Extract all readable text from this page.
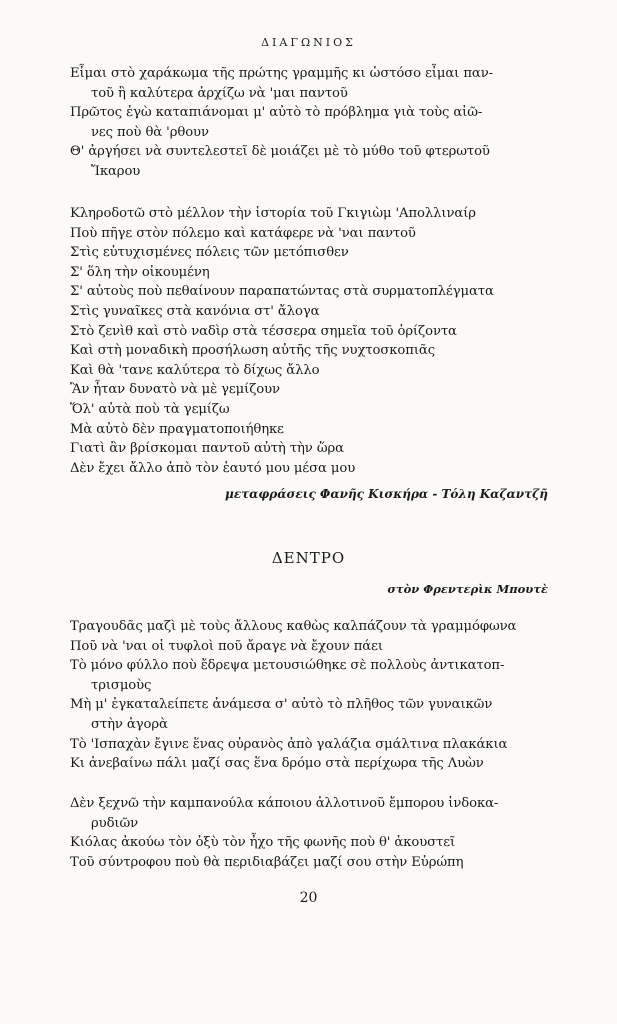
ΔΙΑΓΩΝΙΟΣ
Εἶμαι στὸ χαράκωμα τῆς πρώτης γραμμῆς κι ὡστόσο εἶμαι παν-
τοῦ ἢ καλύτερα ἀρχίζω νὰ 'μαι παντοῦ
Πρῶτος ἐγὼ καταπιάνομαι μ' αὐτὸ τὸ πρόβλημα γιὰ τοὺς αἰῶ-
νες ποὺ θὰ 'ρθουν
Θ' ἀργήσει νὰ συντελεστεῖ δὲ μοιάζει μὲ τὸ μύθο τοῦ φτερωτοῦ
Ἴκαρου
Κληροδοτῶ στὸ μέλλον τὴν ἱστορία τοῦ Γκιγιὼμ 'Απολλιναίρ
Ποὺ πῆγε στὸν πόλεμο καὶ κατάφερε νὰ 'ναι παντοῦ
Στὶς εὐτυχισμένες πόλεις τῶν μετόπισθεν
Σ' ὅλη τὴν οἰκουμένη
Σ' αὐτοὺς ποὺ πεθαίνουν παραπατώντας στὰ συρματοπλέγματα
Στὶς γυναῖκες στὰ κανόνια στ' ἄλογα
Στὸ ζενὶθ καὶ στὸ ναδὶρ στὰ τέσσερα σημεῖα τοῦ ὁρίζοντα
Καὶ στὴ μοναδικὴ προσήλωση αὐτῆς τῆς νυχτοσκοπιᾶς
Καὶ θὰ 'τανε καλύτερα τὸ δίχως ἄλλο
Ἂν ἦταν δυνατὸ νὰ μὲ γεμίζουν
Ὅλ' αὐτὰ ποὺ τὰ γεμίζω
Μὰ αὐτὸ δὲν πραγματοποιήθηκε
Γιατὶ ἂν βρίσκομαι παντοῦ αὐτὴ τὴν ὥρα
Δὲν ἔχει ἄλλο ἀπὸ τὸν ἑαυτό μου μέσα μου
μεταφράσεις Φανῆς Κισκήρα - Τόλη Καζαντζῆ
ΔΕΝΤΡΟ
στὸν Φρεντερὶκ Μπουτὲ
Τραγουδᾶς μαζὶ μὲ τοὺς ἄλλους καθὼς καλπάζουν τὰ γραμμόφωνα
Ποῦ νὰ 'ναι οἱ τυφλοὶ ποῦ ἄραγε νὰ ἔχουν πάει
Τὸ μόνο φύλλο ποὺ ἔδρεψα μετουσιώθηκε σὲ πολλοὺς ἀντικατοπ-
τρισμοὺς
Μὴ μ' ἐγκαταλείπετε ἀνάμεσα σ' αὐτὸ τὸ πλῆθος τῶν γυναικῶν
στὴν ἀγορὰ
Τὸ 'Ισπαχὰν ἔγινε ἕνας οὐρανὸς ἀπὸ γαλάζια σμάλτινα πλακάκια
Κι ἀνεβαίνω πάλι μαζί σας ἕνα δρόμο στὰ περίχωρα τῆς Λυὼν
Δὲν ξεχνῶ τὴν καμπανούλα κάποιου ἀλλοτινοῦ ἔμπορου ἰνδοκα-
ρυδιῶν
Κιόλας ἀκούω τὸν ὀξὺ τὸν ἦχο τῆς φωνῆς ποὺ θ' ἀκουστεῖ
Τοῦ σύντροφου ποὺ θὰ περιδιαβάζει μαζί σου στὴν Εὐρώπη
20
